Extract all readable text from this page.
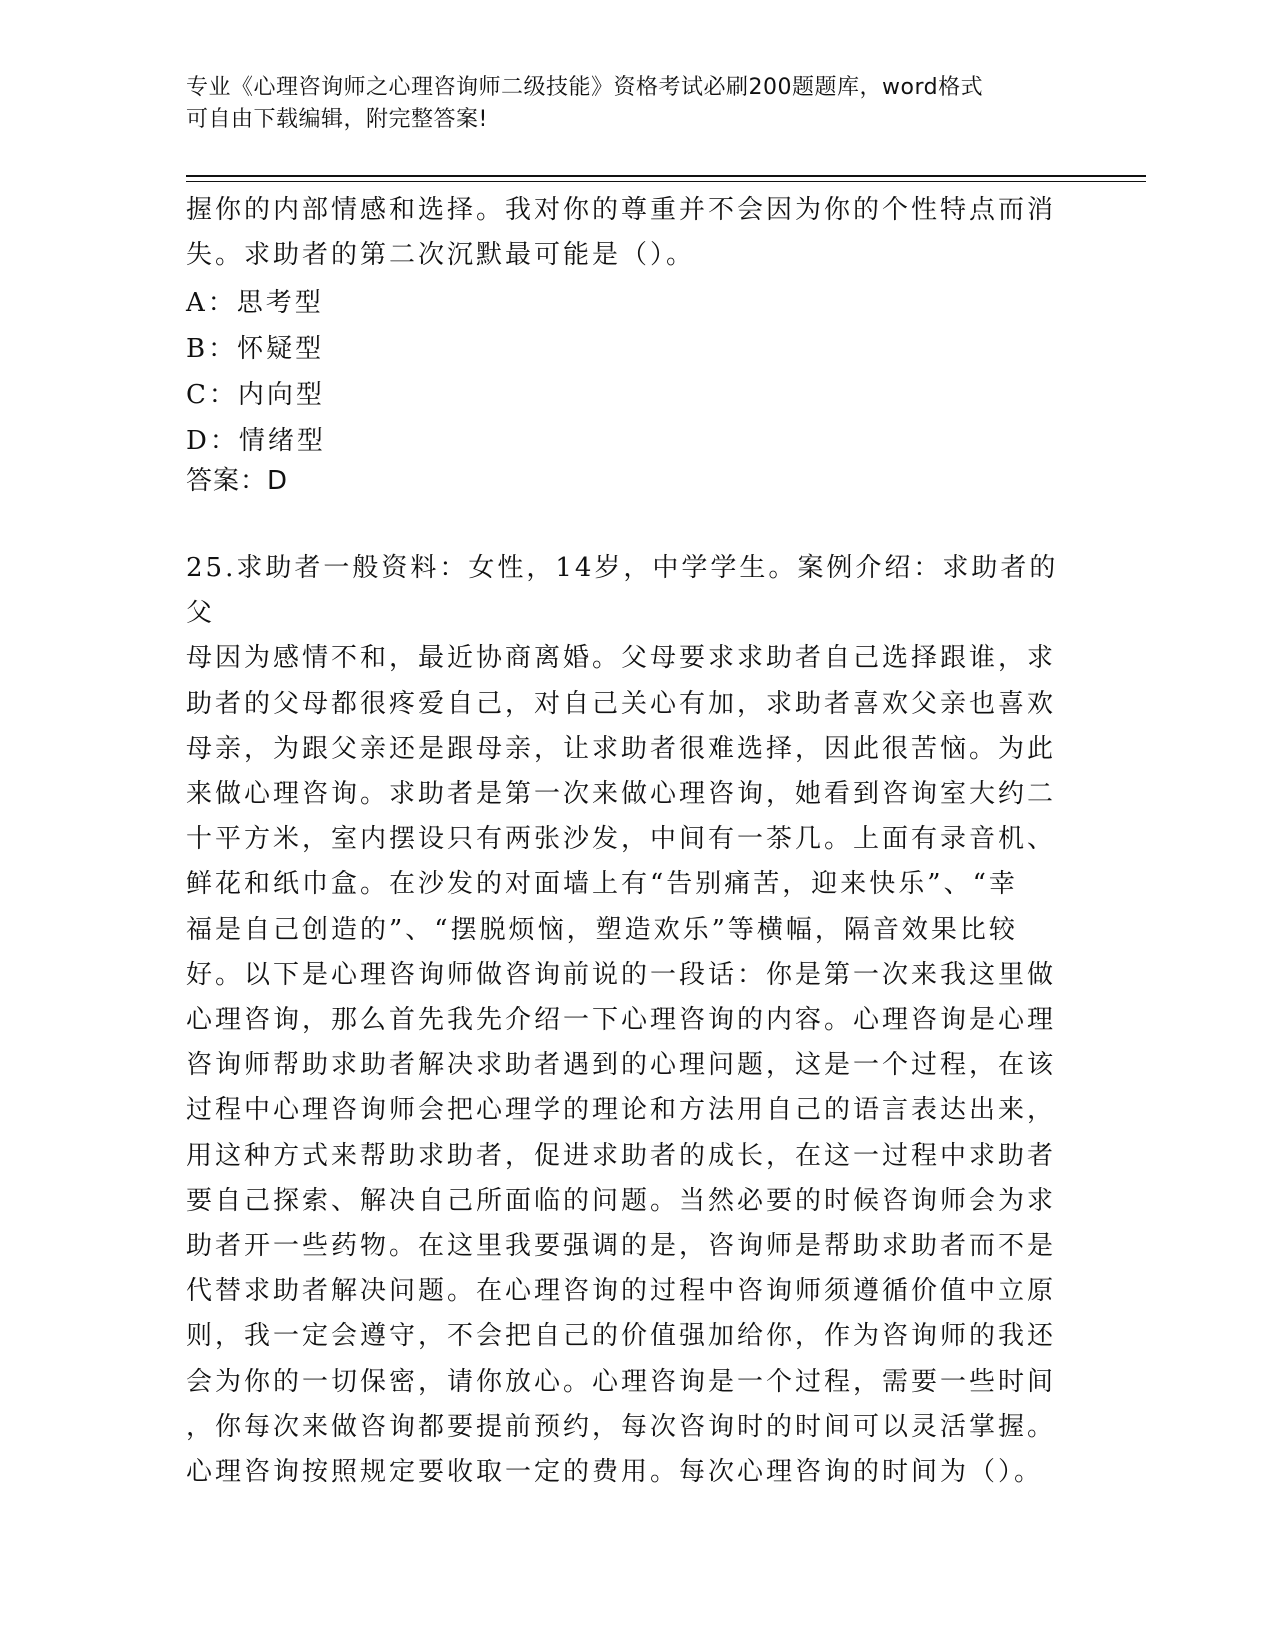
专业《心理咨询师之心理咨询师二级技能》资格考试必刷200题题库，word格式
可自由下载编辑，附完整答案!
握你的内部情感和选择。我对你的尊重并不会因为你的个性特点而消
失。求助者的第二次沉默最可能是（）。
A：思考型
B：怀疑型
C：内向型
D：情绪型
答案：D
25.求助者一般资料：女性，14岁，中学学生。案例介绍：求助者的父
母因为感情不和，最近协商离婚。父母要求求助者自己选择跟谁，求
助者的父母都很疼爱自己，对自己关心有加，求助者喜欢父亲也喜欢
母亲，为跟父亲还是跟母亲，让求助者很难选择，因此很苦恼。为此
来做心理咨询。求助者是第一次来做心理咨询，她看到咨询室大约二
十平方米，室内摆设只有两张沙发，中间有一茶几。上面有录音机、
鲜花和纸巾盒。在沙发的对面墙上有“告别痛苦，迎来快乐”、“幸
福是自己创造的”、“摆脱烦恼，塑造欢乐”等横幅，隔音效果比较
好。以下是心理咨询师做咨询前说的一段话：你是第一次来我这里做
心理咨询，那么首先我先介绍一下心理咨询的内容。心理咨询是心理
咨询师帮助求助者解决求助者遇到的心理问题，这是一个过程，在该
过程中心理咨询师会把心理学的理论和方法用自己的语言表达出来，
用这种方式来帮助求助者，促进求助者的成长，在这一过程中求助者
要自己探索、解决自己所面临的问题。当然必要的时候咨询师会为求
助者开一些药物。在这里我要强调的是，咨询师是帮助求助者而不是
代替求助者解决问题。在心理咨询的过程中咨询师须遵循价值中立原
则，我一定会遵守，不会把自己的价值强加给你，作为咨询师的我还
会为你的一切保密，请你放心。心理咨询是一个过程，需要一些时间
，你每次来做咨询都要提前预约，每次咨询时的时间可以灵活掌握。
心理咨询按照规定要收取一定的费用。每次心理咨询的时间为（）。
